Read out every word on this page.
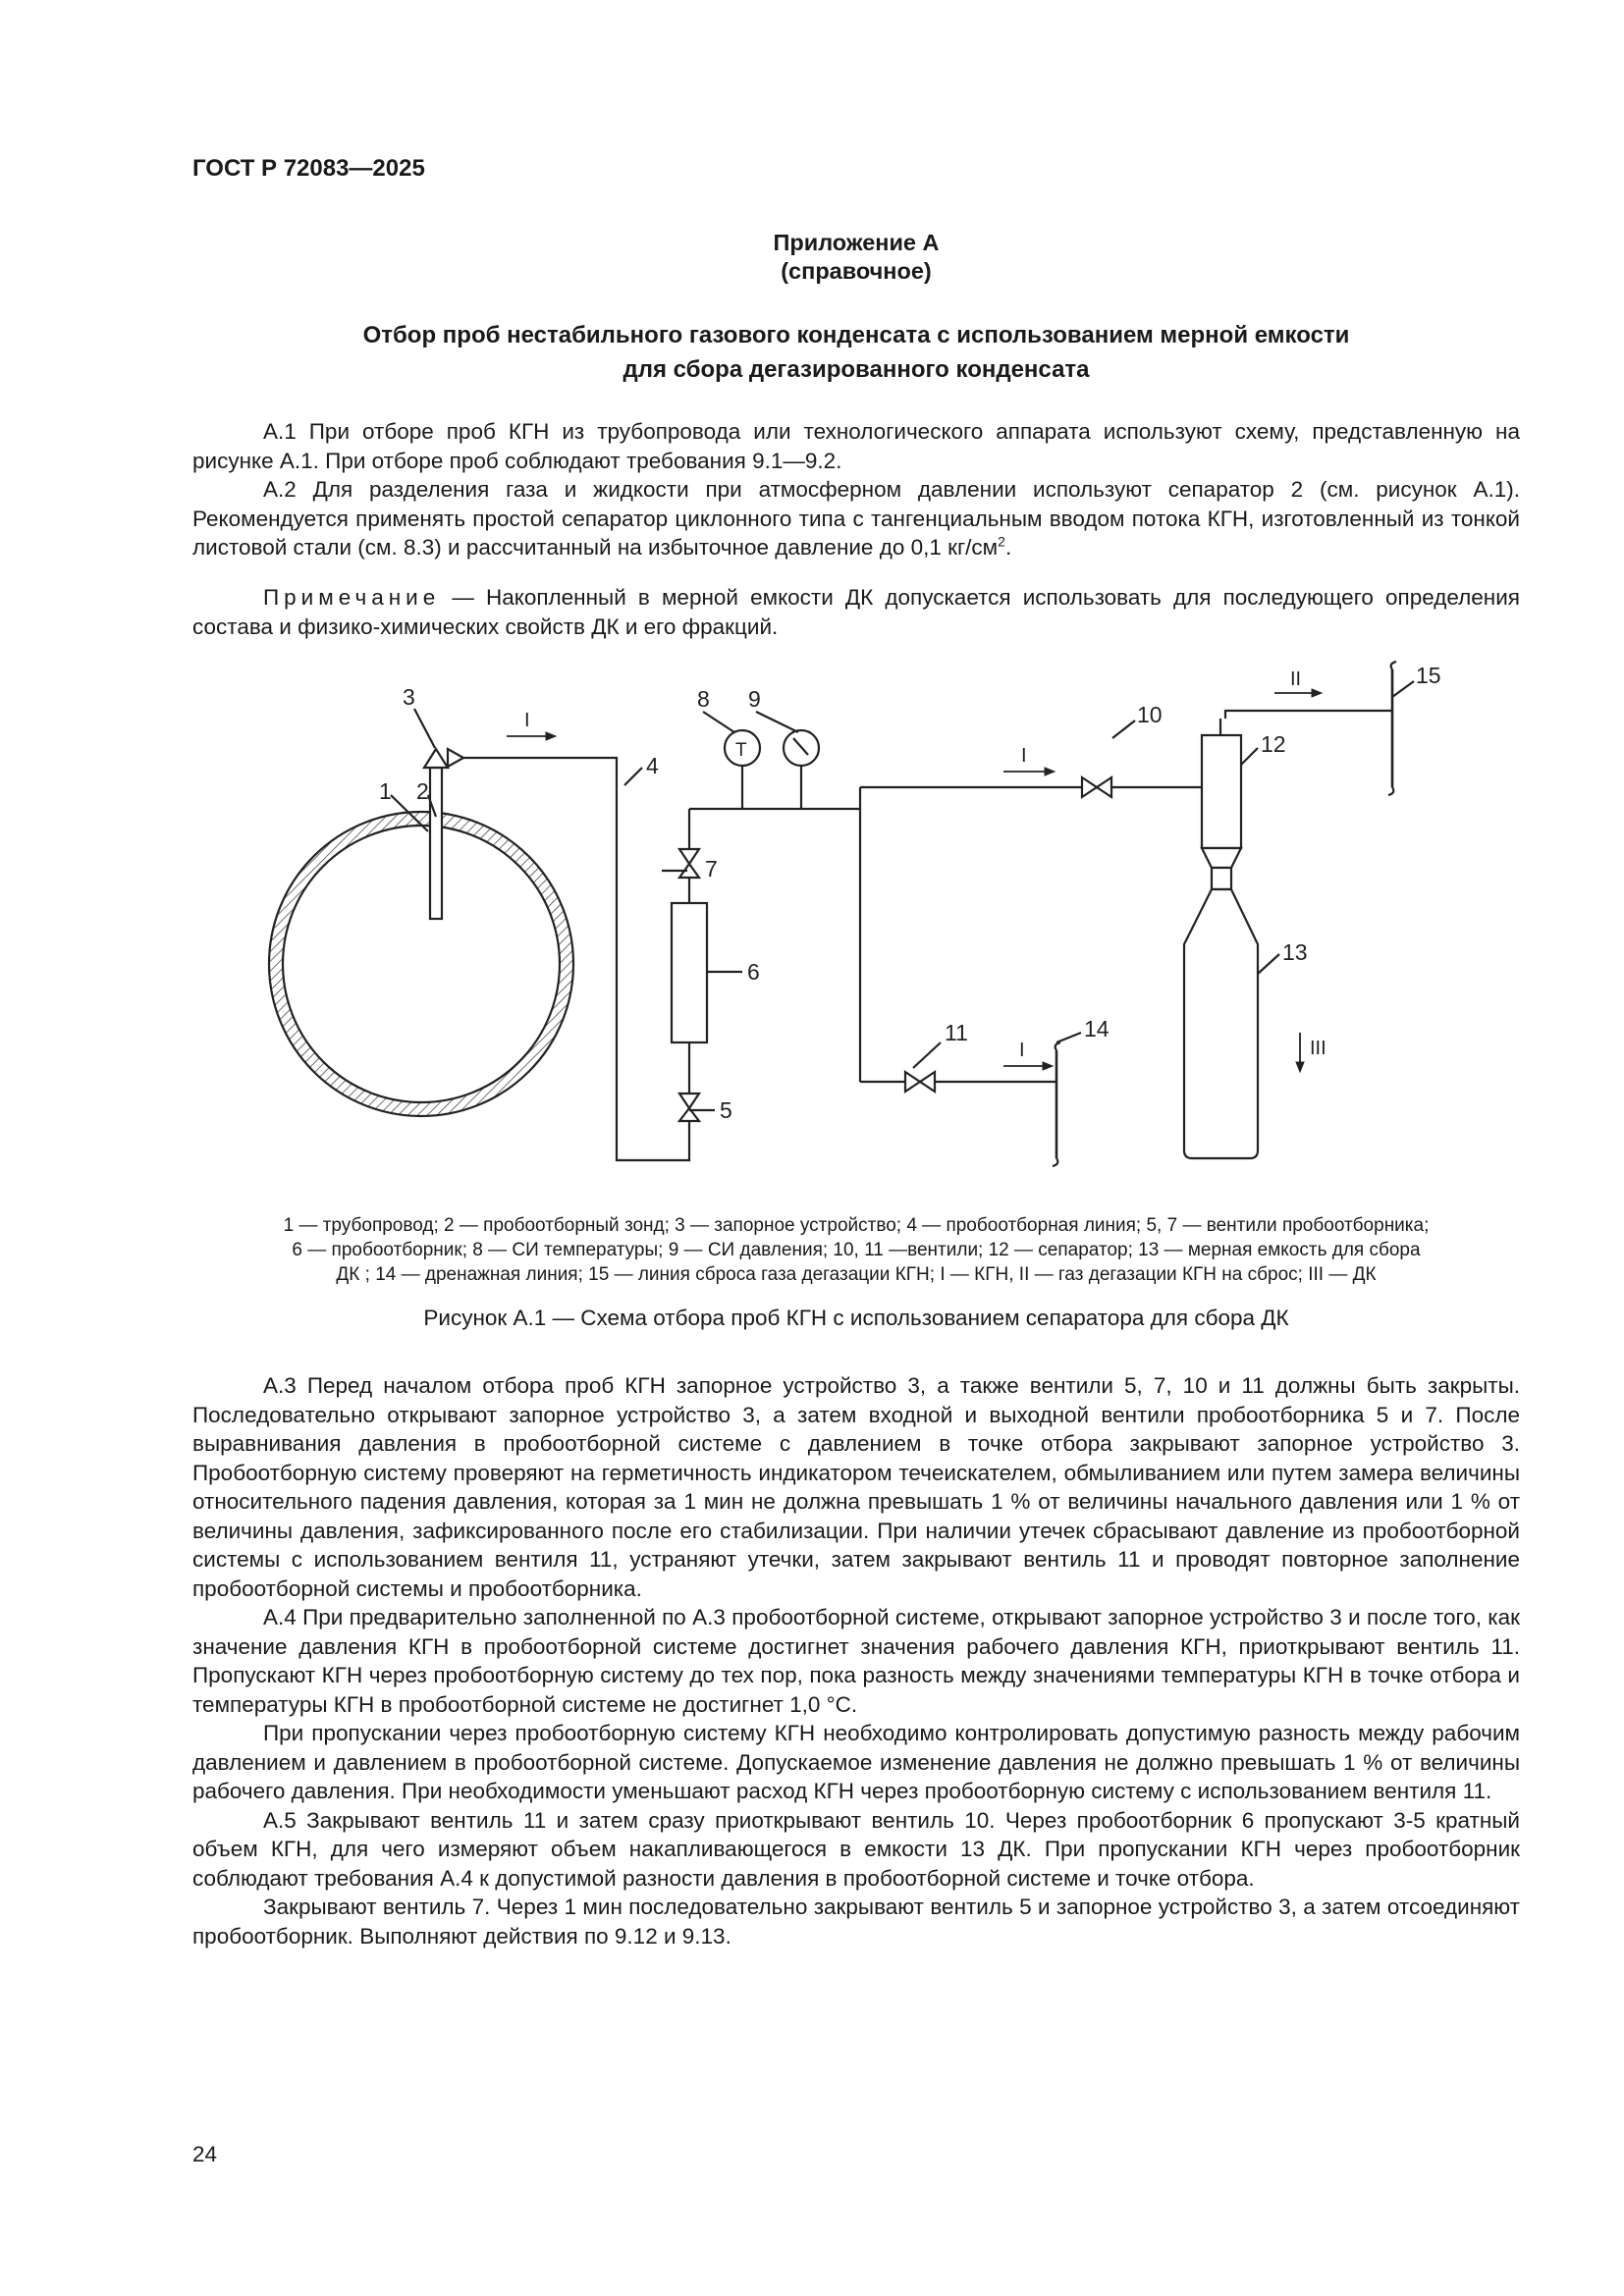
ГОСТ Р 72083—2025
Приложение А
(справочное)
Отбор проб нестабильного газового конденсата с использованием мерной емкости
для сбора дегазированного конденсата

А.1 При отборе проб КГН из трубопровода или технологического аппарата используют схему, представленную на рисунке А.1. При отборе проб соблюдают требования 9.1—9.2.

А.2 Для разделения газа и жидкости при атмосферном давлении используют сепаратор 2 (см. рисунок А.1). Рекомендуется применять простой сепаратор циклонного типа с тангенциальным вводом потока КГН, изготовленный из тонкой листовой стали (см. 8.3) и рассчитанный на избыточное давление до 0,1 $кг/см^2$.

Примечание — Накопленный в мерной емкости ДК допускается использовать для последующего определения состава и физико-химических свойств ДК и его фракций.

1 2
3
4
5
6
7
8 9
10
11
12
13
14
15
T
I
I
II
I	III
1 — трубопровод; 2 — пробоотборный зонд; 3 — запорное устройство; 4 — пробоотборная линия; 5, 7 — вентили пробоотборника;
6 — пробоотборник; 8 — СИ температуры; 9 — СИ давления; 10, 11 —вентили; 12 — сепаратор; 13 — мерная емкость для сбора
ДК ; 14 — дренажная линия; 15 — линия сброса газа дегазации КГН; I — КГН, II — газ дегазации КГН на сброс; III — ДК
Рисунок А.1 — Схема отбора проб КГН с использованием сепаратора для сбора ДК

А.3 Перед началом отбора проб КГН запорное устройство 3, а также вентили 5, 7, 10 и 11 должны быть закрыты. Последовательно открывают запорное устройство 3, а затем входной и выходной вентили пробоотборника 5 и 7. После выравнивания давления в пробоотборной системе с давлением в точке отбора закрывают запорное устройство 3. Пробоотборную систему проверяют на герметичность индикатором течеискателем, обмыливанием или путем замера величины относительного падения давления, которая за 1 мин не должна превышать 1 % от величины начального давления или 1 % от величины давления, зафиксированного после его стабилизации. При наличии утечек сбрасывают давление из пробоотборной системы с использованием вентиля 11, устраняют утечки, затем закрывают вентиль 11 и проводят повторное заполнение пробоотборной системы и пробоотборника.

А.4 При предварительно заполненной по А.3 пробоотборной системе, открывают запорное устройство 3 и после того, как значение давления КГН в пробоотборной системе достигнет значения рабочего давления КГН, приоткрывают вентиль 11. Пропускают КГН через пробоотборную систему до тех пор, пока разность между значениями температуры КГН в точке отбора и температуры КГН в пробоотборной системе не достигнет 1,0 °С.

При пропускании через пробоотборную систему КГН необходимо контролировать допустимую разность между рабочим давлением и давлением в пробоотборной системе. Допускаемое изменение давления не должно превышать 1 % от величины рабочего давления. При необходимости уменьшают расход КГН через пробоотборную систему с использованием вентиля 11.

А.5 Закрывают вентиль 11 и затем сразу приоткрывают вентиль 10. Через пробоотборник 6 пропускают 3-5 кратный объем КГН, для чего измеряют объем накапливающегося в емкости 13 ДК. При пропускании КГН через пробоотборник соблюдают требования А.4 к допустимой разности давления в пробоотборной системе и точке отбора.

Закрывают вентиль 7. Через 1 мин последовательно закрывают вентиль 5 и запорное устройство 3, а затем отсоединяют пробоотборник. Выполняют действия по 9.12 и 9.13.

24
